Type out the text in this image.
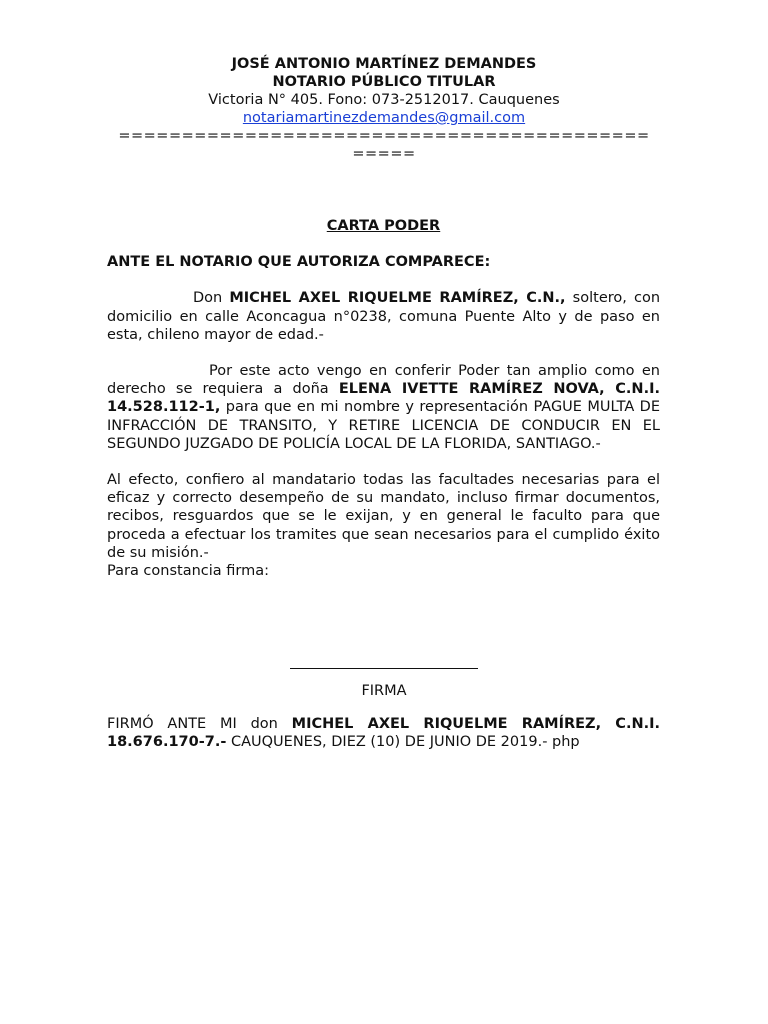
JOSÉ ANTONIO MARTÍNEZ DEMANDES
NOTARIO PÚBLICO TITULAR
Victoria N° 405. Fono: 073-2512017. Cauquenes
notariamartinezdemandes@gmail.com
==========================================
=====
CARTA PODER
ANTE EL NOTARIO QUE AUTORIZA COMPARECE:

Don MICHEL AXEL RIQUELME RAMÍREZ, C.N., soltero, con domicilio en calle Aconcagua n°0238, comuna Puente Alto y de paso en esta, chileno mayor de edad.-

Por este acto vengo en conferir Poder tan amplio como en derecho se requiera a doña ELENA IVETTE RAMÍREZ NOVA, C.N.I. 14.528.112-1, para que en mi nombre y representación PAGUE MULTA DE INFRACCIÓN DE TRANSITO, Y RETIRE LICENCIA DE CONDUCIR EN EL SEGUNDO JUZGADO DE POLICÍA LOCAL DE LA FLORIDA, SANTIAGO.-

Al efecto, confiero al mandatario todas las facultades necesarias para el eficaz y correcto desempeño de su mandato, incluso firmar documentos, recibos, resguardos que se le exijan, y en general le faculto para que proceda a efectuar los tramites que sean necesarios para el cumplido éxito de su misión.-

Para constancia firma:

FIRMA
FIRMÓ ANTE MI don MICHEL AXEL RIQUELME RAMÍREZ, C.N.I. 18.676.170-7.- CAUQUENES, DIEZ (10) DE JUNIO DE 2019.- php
